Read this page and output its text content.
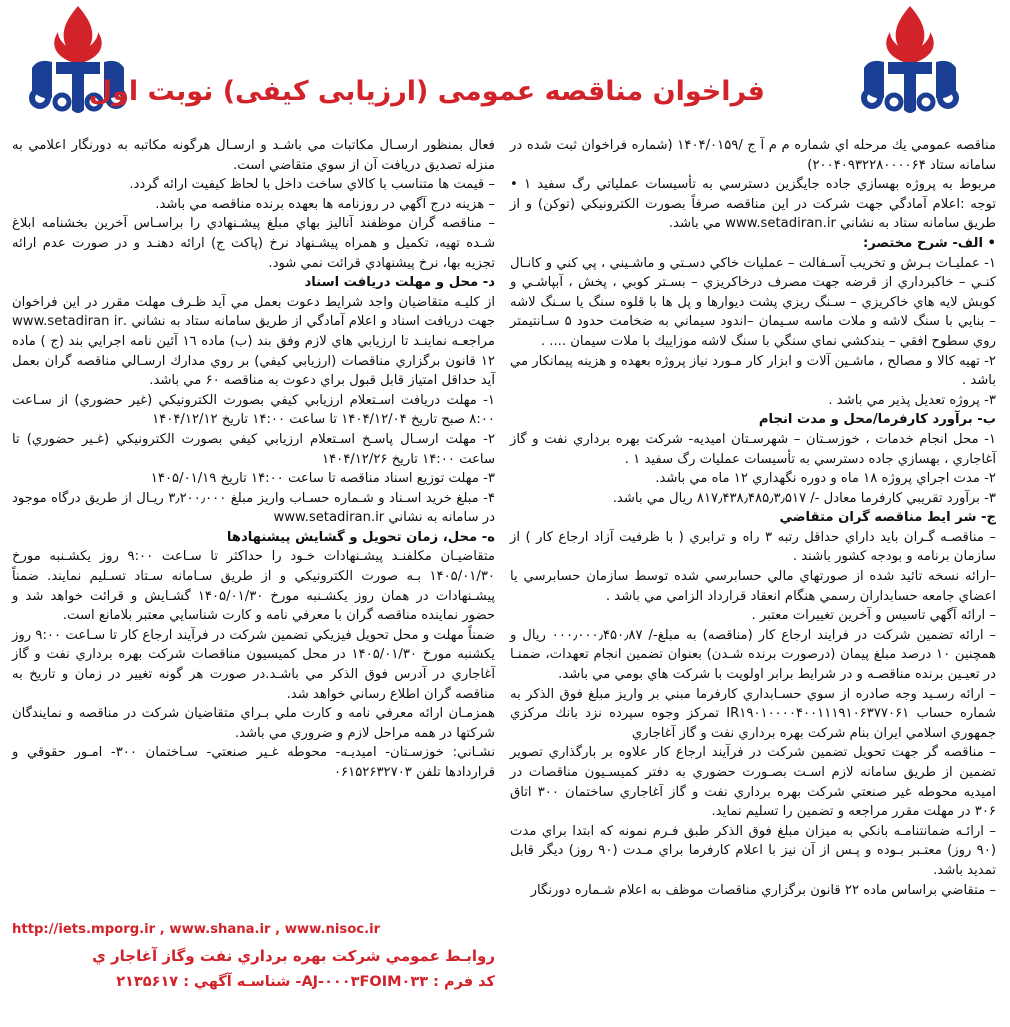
فراخوان مناقصه عمومی (ارزیابی کیفی) نوبت اول

مناقصه عمومي يك مرحله اي شماره م م آ ج /۱۴۰۴/۰۱۵۹ (شماره فراخوان ثبت شده در سامانه ستاد ۲۰۰۴۰۹۳۲۲۸۰۰۰۰۶۴)

مربوط به پروژه بهسازي جاده جايگزين دسترسي به تأسيسات عملياتي رگ سفيد ۱ • توجه :اعلام آمادگي جهت شركت در اين مناقصه صرفاً بصورت الكترونيكي (توكن) و از طريق سامانه ستاد به نشاني www.setadiran.ir مي باشد.

• الف- شرح مختصر:

۱- عمليـات بـرش و تخريب آسـفالت – عمليات خاكي دسـتي و ماشـيني ، پي كني و كانـال كنـي – خاكبرداري از قرضه جهت مصرف درخاكريزي – بسـتر كوبي ، پخش ، آبپاشـي و كوبش لايه هاي خاكريزي – سـنگ ريزي پشت ديوارها و پل ها با قلوه سنگ يا سـنگ لاشه – بنايي با سنگ لاشه و ملات ماسه سـيمان –اندود سيماني به ضخامت حدود ۵ سـانتيمتر روي سطوح افقي – بندكشي نماي سنگي با سنگ لاشه موزاييك با ملات سيمان .... .

۲- تهيه كالا و مصالح ، ماشـين آلات و ابزار كار مـورد نياز پروژه بعهده و هزينه پيمانكار مي باشد .

۳- پروژه تعديل پذير مي باشد .

ب- برآورد كارفرما/محل و مدت انجام

۱- محل انجام خدمات ، خوزسـتان – شهرسـتان اميديه- شركت بهره برداري نفت و گاز آغاجاري ، بهسازي جاده دسترسي به تأسيسات عمليات رگ سفيد ۱ .

۲- مدت اجراي پروژه ۱۸ ماه و دوره نگهداري ۱۲ ماه مي باشد.

۳- برآورد تقريبي كارفرما معادل -/ ۸۱۷٫۴۳۸٫۴۸۵٫۳٫۵۱۷ ريال مي باشد.

ج- شر ايط مناقصه گران متقاضي

– مناقصـه گـران بايد داراي حداقل رتبه ۳ راه و ترابري ( با ظرفيت آزاد ارجاع كار ) از سازمان برنامه و بودجه كشور باشند .

–ارائه نسخه تائيد شده از صورتهاي مالي حسابرسي شده توسط سازمان حسابرسي يا اعضاي جامعه حسابداران رسمي هنگام انعقاد قرارداد الزامي مي باشد .

– ارائه آگهي تاسيس و آخرين تغييرات معتبر .

– ارائه تضمين شركت در فرايند ارجاع كار (مناقصه) به مبلغ-/ ۰۰۰٫۰۰۰٫۴۵۰٫۸۷ ريال و همچنين ۱۰ درصد مبلغ پيمان (درصورت برنده شـدن) بعنوان تضمين انجام تعهدات، ضمنـا در تعيـين برنده مناقصـه و در شرايط برابر اولويت با شركت هاي بومي مي باشد.

– ارائه رسـيد وجه صادره از سوي حسـابداري كارفرما مبني بر واريز مبلغ فوق الذكر به شماره حساب IR۱۹۰۱۰۰۰۰۴۰۰۱۱۱۹۱۰۶۳۷۷۰۶۱ تمركز وجوه سپرده نزد بانك مركزي جمهوري اسلامي ايران بنام شركت بهره برداري نفت و گاز آغاجاري

– مناقصه گر جهت تحويل تضمين شركت در فرآيند ارجاع كار علاوه بر بارگذاري تصوير تضمين از طريق سامانه لازم اسـت بصـورت حضوري به دفتر كميسـيون مناقصات در اميديه محوطه غير صنعتي شركت بهره برداري نفت و گاز آغاجاري ساختمان ۳۰۰ اتاق ۳۰۶ در مهلت مقرر مراجعه و تضمين را تسليم نمايد.

– ارائـه ضمانتنامـه بانكي به ميزان مبلغ فوق الذكر طبق فـرم نمونه كه ابتدا براي مدت (۹۰ روز) معتـبر بـوده و پـس از آن نيز با اعلام كارفرما براي مـدت (۹۰ روز) ديگر قابل تمديد باشد.

– متقاضي براساس ماده ۲۲ قانون برگزاري مناقصات موظف به اعلام شـماره دورنگار

فعال بمنظور ارسـال مكاتبات مي باشـد و ارسـال هرگونه مكاتبه به دورنگار اعلامي به منزله تصديق دريافت آن از سوي متقاضي است.

– قيمت ها متناسب با كالاي ساخت داخل با لحاظ كيفيت ارائه گردد.

– هزينه درج آگهي در روزنامه ها بعهده برنده مناقصه مي باشد.

– مناقصه گران موظفند آناليز بهاي مبلغ پيشـنهادي را براسـاس آخرين بخشنامه ابلاغ شـده تهيه، تكميل و همراه پيشـنهاد نرخ (پاكت ج) ارائه دهنـد و در صورت عدم ارائه تجزيه بها، نرخ پيشنهادي قرائت نمي شود.

د- محل و مهلت دريافت اسناد

از كليـه متقاضيان واجد شرايط دعوت بعمل مي آيد ظـرف مهلت مقرر در اين فراخوان جهت دريافت اسناد و اعلام آمادگي از طريق سامانه ستاد به نشاني .www.setadiran ir مراجعـه نماينـد تا ارزيابي هاي لازم وفق بند (ب) ماده ١٦ آئين نامه اجرايي بند (ج ) ماده ۱۲ قانون برگزاري مناقصات (ارزيابي كيفي) بر روي مدارك ارسـالي مناقصه گران بعمل آيد حداقل امتياز قابل قبول براي دعوت به مناقصه ۶۰ مي باشد.

۱- مهلت دريافت اسـتعلام ارزيابي كيفي بصورت الكترونيكي (غير حضوري) از سـاعت ۸:۰۰ صبح تاريخ ۱۴۰۴/۱۲/۰۴ تا ساعت ۱۴:۰۰ تاريخ ۱۴۰۴/۱۲/۱۲

۲- مهلت ارسـال پاسـخ اسـتعلام ارزيابي كيفي بصورت الكترونيكي (غـير حضوري) تا ساعت ۱۴:۰۰ تاريخ ۱۴۰۴/۱۲/۲۶

۳- مهلت توزيع اسناد مناقصه تا ساعت ۱۴:۰۰ تاريخ ۱۴۰۵/۰۱/۱۹

۴- مبلغ خريد اسـناد و شـماره حسـاب واريز مبلغ ۳٫۲۰۰٫۰۰۰ ريـال از طريق درگاه موجود در سامانه به نشاني www.setadiran.ir

ه- محل، زمان تحويل و گشايش پيشنهادها

متقاضيـان مكلفنـد پيشـنهادات خـود را حداكثر تا سـاعت ۹:۰۰ روز يكشـنبه مورخ ۱۴۰۵/۰۱/۳۰ بـه صورت الكترونيكي و از طريق سـامانه سـتاد تسـليم نمايند. ضمناً پيشـنهادات در همان روز يكشـنبه مورخ ۱۴۰۵/۰۱/۳۰ گشـايش و قرائت خواهد شد و حضور نماينده مناقصه گران با معرفي نامه و كارت شناسايي معتبر بلامانع است.

ضمناً مهلت و محل تحويل فيزيكي تضمين شركت در فرآيند ارجاع كار تا سـاعت ۹:۰۰ روز يكشنبه مورخ ۱۴۰۵/۰۱/۳۰ در محل كميسيون مناقصات شركت بهره برداري نفت و گاز آغاجاري در آدرس فوق الذكر مي باشـد.در صورت هر گونه تغيير در زمان و تاريخ به مناقصه گران اطلاع رساني خواهد شد.

همزمـان ارائه معرفي نامه و كارت ملي بـراي متقاضيان شركت در مناقصه و نمايندگان شركتها در همه مراحل لازم و ضروري مي باشد.

نشـاني: خوزسـتان- اميديـه- محوطه غـير صنعتي- سـاختمان ۳۰۰- امـور حقوقي و قراردادها تلفن ۰۶۱۵۲۶۳۲۷۰۳

http://iets.mporg.ir , www.shana.ir , www.nisoc.ir
روابـط عمومي شركت بهره برداري نفت وگاز آغاجار ي
كد فرم : AJ-۰۰۰۳FOIM۰۳۳- شناسـه آگهي : ۲۱۳۵۶۱۷
